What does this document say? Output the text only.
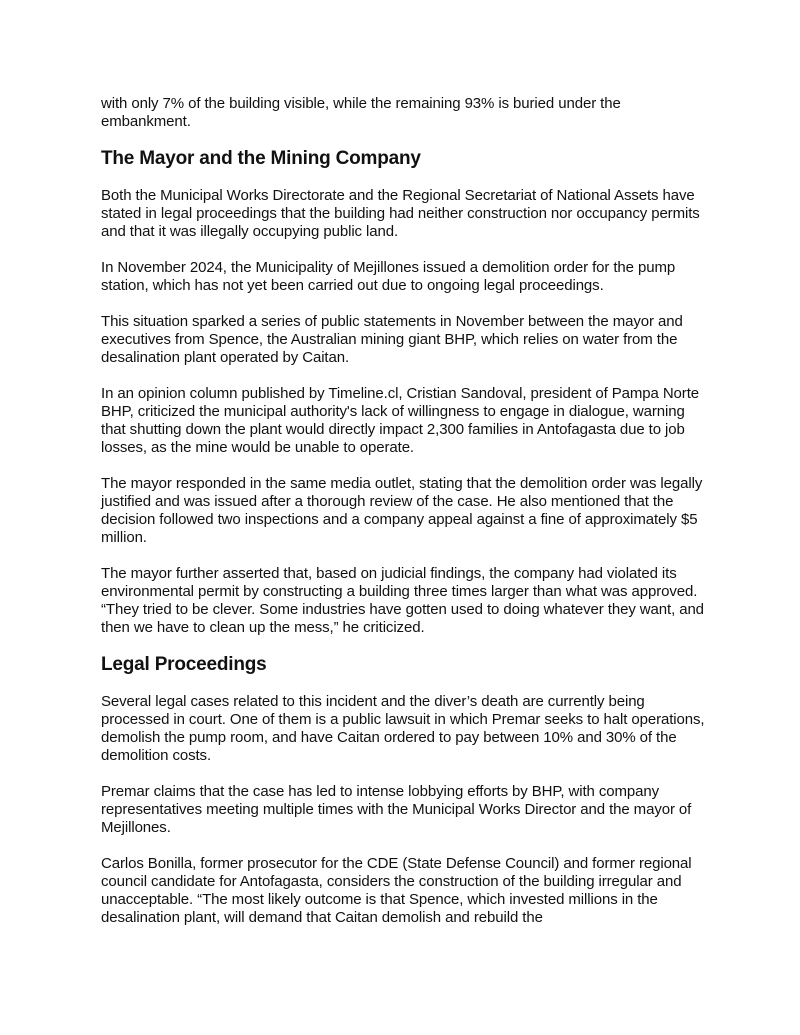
with only 7% of the building visible, while the remaining 93% is buried under the embankment.

The Mayor and the Mining Company

Both the Municipal Works Directorate and the Regional Secretariat of National Assets have stated in legal proceedings that the building had neither construction nor occupancy permits and that it was illegally occupying public land.

In November 2024, the Municipality of Mejillones issued a demolition order for the pump station, which has not yet been carried out due to ongoing legal proceedings.

This situation sparked a series of public statements in November between the mayor and executives from Spence, the Australian mining giant BHP, which relies on water from the desalination plant operated by Caitan.

In an opinion column published by Timeline.cl, Cristian Sandoval, president of Pampa Norte BHP, criticized the municipal authority's lack of willingness to engage in dialogue, warning that shutting down the plant would directly impact 2,300 families in Antofagasta due to job losses, as the mine would be unable to operate.

The mayor responded in the same media outlet, stating that the demolition order was legally justified and was issued after a thorough review of the case. He also mentioned that the decision followed two inspections and a company appeal against a fine of approximately $5 million.

The mayor further asserted that, based on judicial findings, the company had violated its environmental permit by constructing a building three times larger than what was approved. “They tried to be clever. Some industries have gotten used to doing whatever they want, and then we have to clean up the mess,” he criticized.

Legal Proceedings

Several legal cases related to this incident and the diver’s death are currently being processed in court. One of them is a public lawsuit in which Premar seeks to halt operations, demolish the pump room, and have Caitan ordered to pay between 10% and 30% of the demolition costs.

Premar claims that the case has led to intense lobbying efforts by BHP, with company representatives meeting multiple times with the Municipal Works Director and the mayor of Mejillones.

Carlos Bonilla, former prosecutor for the CDE (State Defense Council) and former regional council candidate for Antofagasta, considers the construction of the building irregular and unacceptable. “The most likely outcome is that Spence, which invested millions in the desalination plant, will demand that Caitan demolish and rebuild the
